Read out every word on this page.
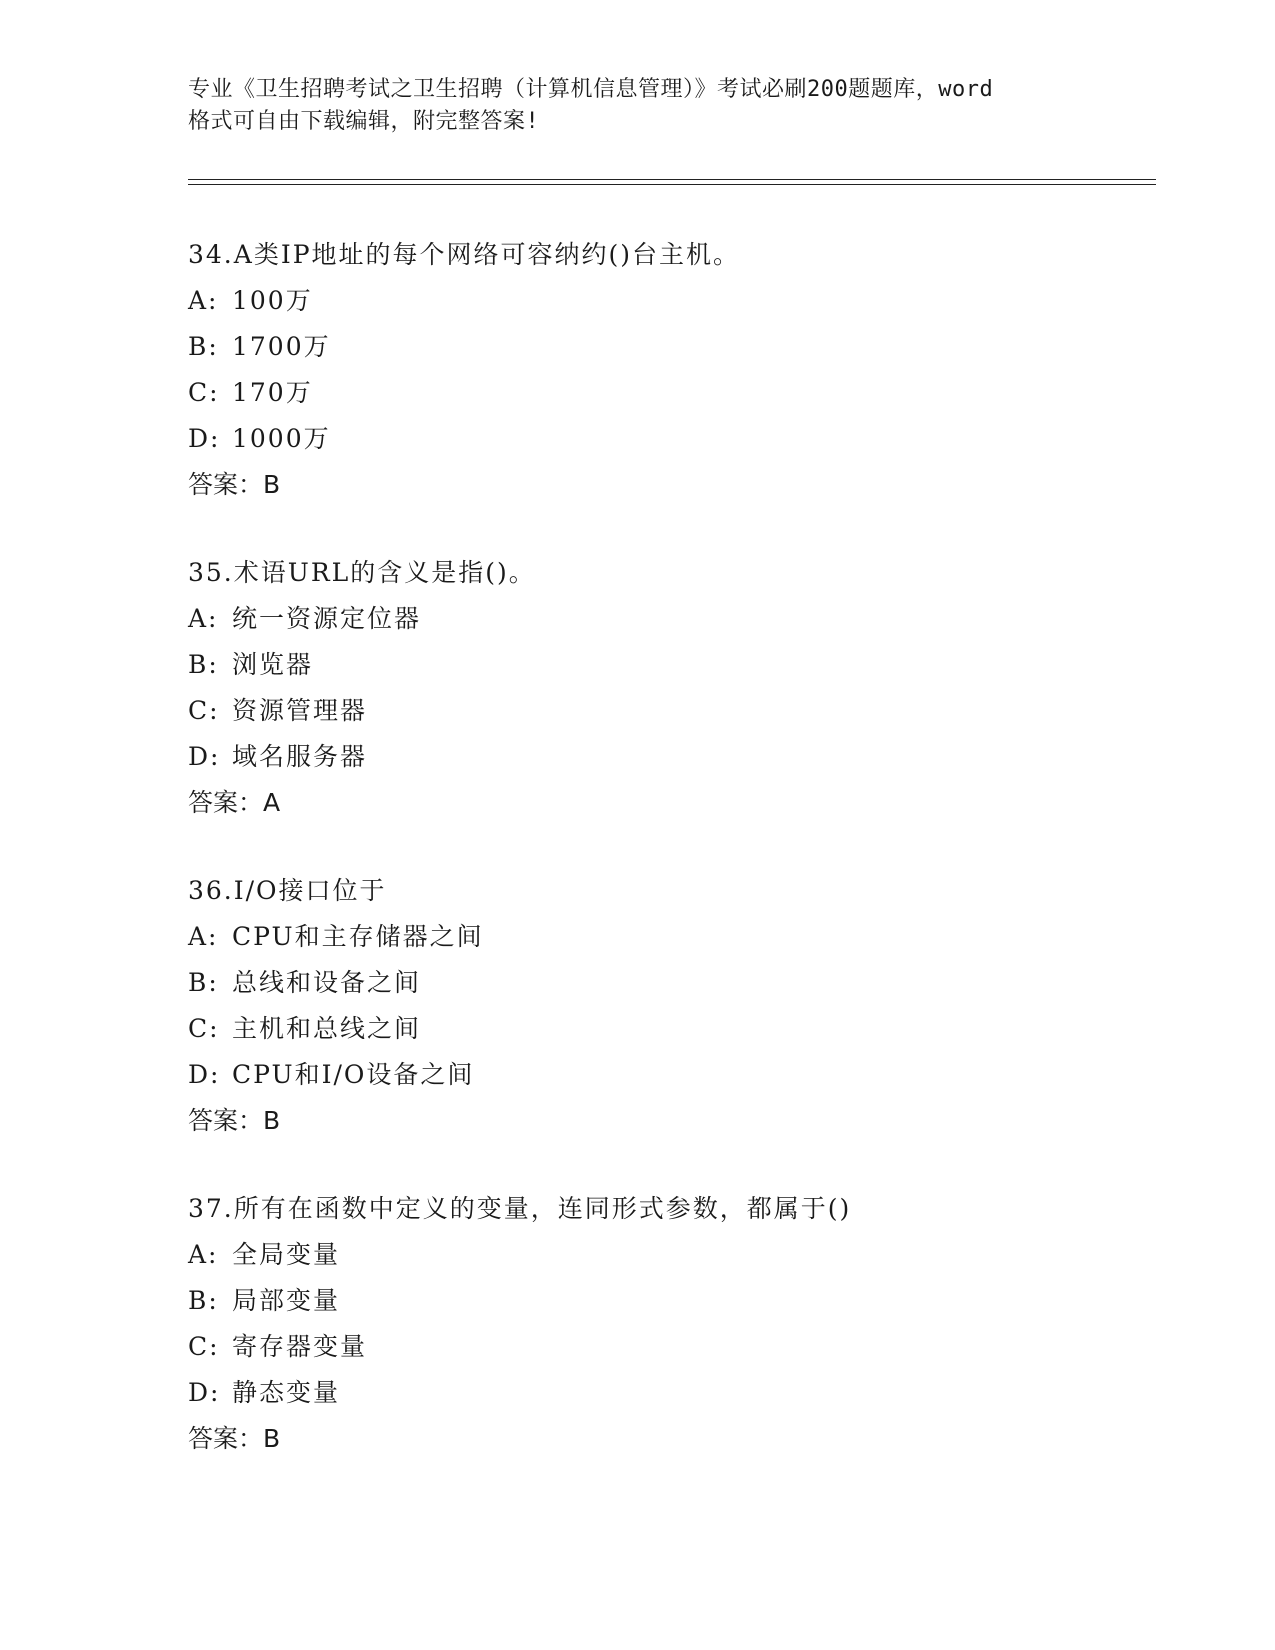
专业《卫生招聘考试之卫生招聘（计算机信息管理）》考试必刷200题题库，word
格式可自由下载编辑，附完整答案!
34.A类IP地址的每个网络可容纳约()台主机。
A: 100万
B: 1700万
C: 170万
D: 1000万
答案：B
35.术语URL的含义是指()。
A: 统一资源定位器
B: 浏览器
C: 资源管理器
D: 域名服务器
答案：A
36.I/O接口位于
A: CPU和主存储器之间
B: 总线和设备之间
C: 主机和总线之间
D: CPU和I/O设备之间
答案：B
37.所有在函数中定义的变量，连同形式参数，都属于()
A: 全局变量
B: 局部变量
C: 寄存器变量
D: 静态变量
答案：B
